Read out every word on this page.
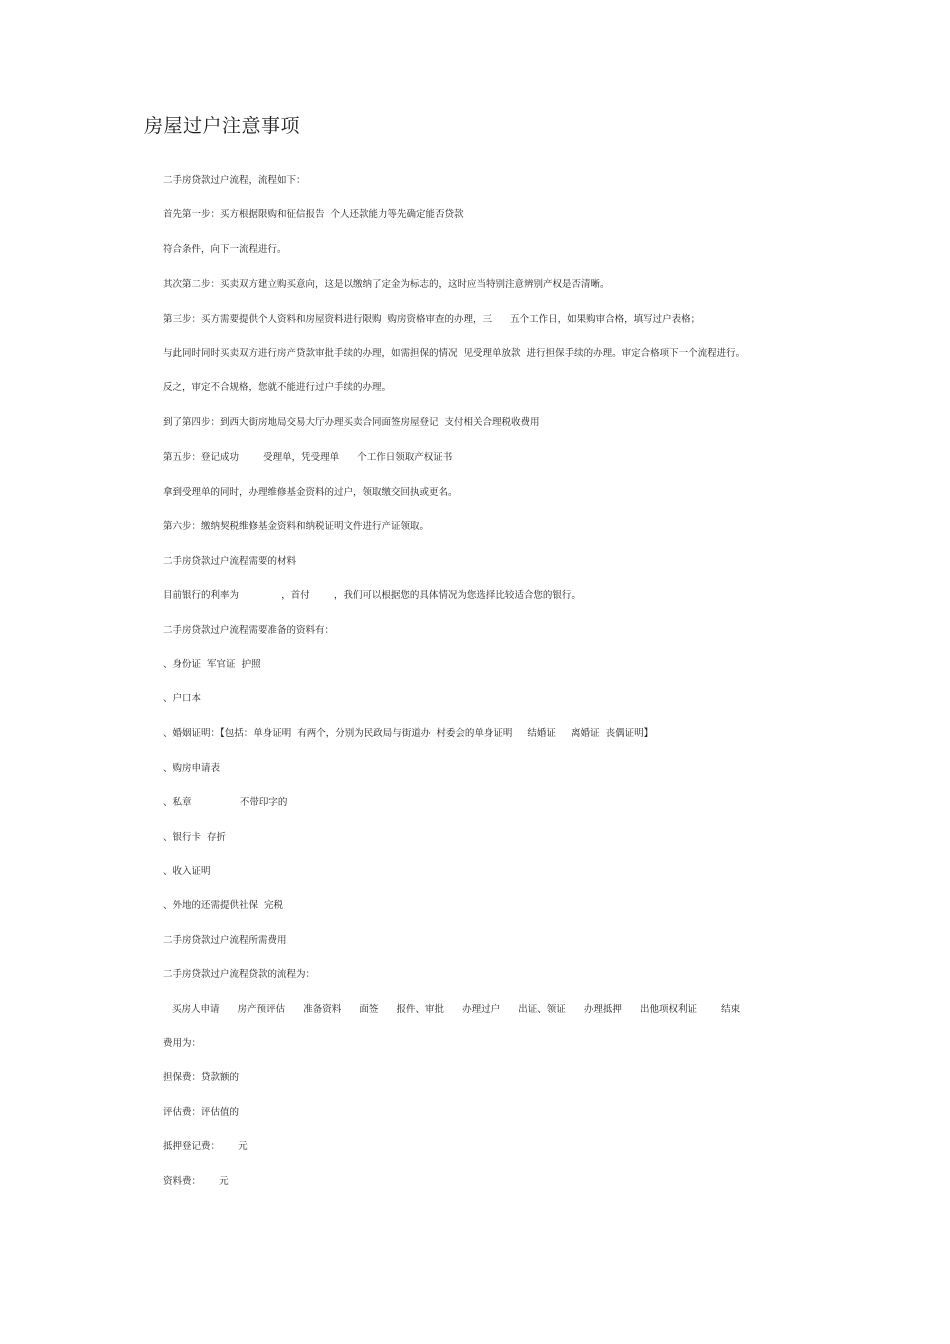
房屋过户注意事项
二手房贷款过户流程，流程如下：
首先第一步：买方根据限购和征信报告  个人还款能力等先确定能否贷款
符合条件，向下一流程进行。
其次第二步：买卖双方建立购买意向，这是以缴纳了定金为标志的，这时应当特别注意辨别产权是否清晰。
第三步：买方需要提供个人资料和房屋资料进行限购  购房资格审查的办理，三      五个工作日，如果购审合格，填写过户表格；
与此同时同时买卖双方进行房产贷款审批手续的办理，如需担保的情况  见受理单放款  进行担保手续的办理。审定合格项下一个流程进行。
反之，审定不合规格，您就不能进行过户手续的办理。
到了第四步：到西大街房地局交易大厅办理买卖合同面签房屋登记  支付相关合理税收费用
第五步：登记成功        受理单，凭受理单      个工作日领取产权证书
拿到受理单的同时，办理维修基金资料的过户，领取缴交回执或更名。
第六步：缴纳契税维修基金资料和纳税证明文件进行产证领取。
二手房贷款过户流程需要的材料
目前银行的利率为              ，首付        ，我们可以根据您的具体情况为您选择比较适合您的银行。
二手房贷款过户流程需要准备的资料有：
、身份证  军官证  护照
、户口本
、婚姻证明：【包括：单身证明  有两个，分别为民政局与街道办  村委会的单身证明     结婚证     离婚证  丧偶证明】
、购房申请表
、私章                不带印字的
、银行卡  存折
、收入证明
、外地的还需提供社保  完税
二手房贷款过户流程所需费用
二手房贷款过户流程贷款的流程为：
买房人申请      房产预评估      准备资料      面签      报件、审批      办理过户      出证、领证      办理抵押      出他项权利证        结束
费用为：
担保费：贷款额的
评估费：评估值的
抵押登记费：      元
资料费：      元
